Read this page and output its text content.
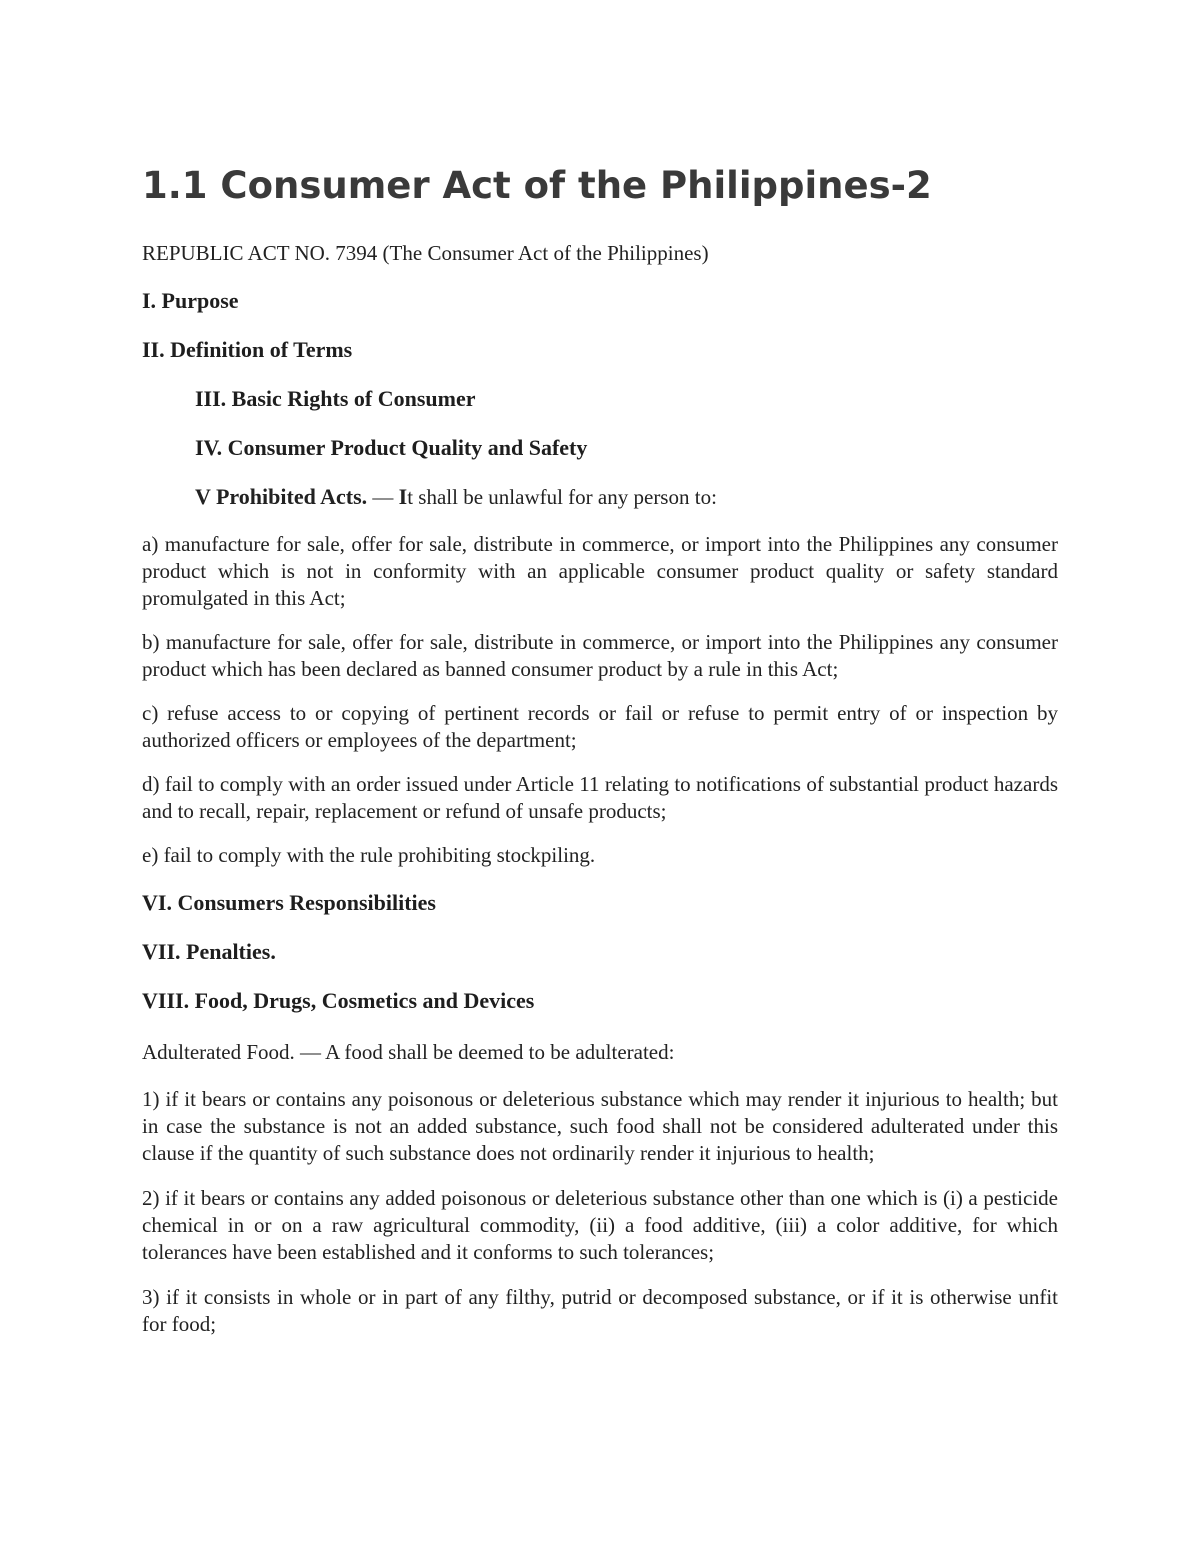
1.1 Consumer Act of the Philippines-2

REPUBLIC ACT NO. 7394 (The Consumer Act of the Philippines)

I. Purpose

II. Definition of Terms

III. Basic Rights of Consumer

IV. Consumer Product Quality and Safety

V Prohibited Acts. — It shall be unlawful for any person to:

a) manufacture for sale, offer for sale, distribute in commerce, or import into the Philippines any consumer product which is not in conformity with an applicable consumer product quality or safety standard promulgated in this Act;

b) manufacture for sale, offer for sale, distribute in commerce, or import into the Philippines any consumer product which has been declared as banned consumer product by a rule in this Act;

c) refuse access to or copying of pertinent records or fail or refuse to permit entry of or inspection by authorized officers or employees of the department;

d) fail to comply with an order issued under Article 11 relating to notifications of substantial product hazards and to recall, repair, replacement or refund of unsafe products;

e) fail to comply with the rule prohibiting stockpiling.

VI. Consumers Responsibilities

VII. Penalties.

VIII. Food, Drugs, Cosmetics and Devices

Adulterated Food. — A food shall be deemed to be adulterated:

1) if it bears or contains any poisonous or deleterious substance which may render it injurious to health; but in case the substance is not an added substance, such food shall not be considered adulterated under this clause if the quantity of such substance does not ordinarily render it injurious to health;

2) if it bears or contains any added poisonous or deleterious substance other than one which is (i) a pesticide chemical in or on a raw agricultural commodity, (ii) a food additive, (iii) a color additive, for which tolerances have been established and it conforms to such tolerances;

3) if it consists in whole or in part of any filthy, putrid or decomposed substance, or if it is otherwise unfit for food;
